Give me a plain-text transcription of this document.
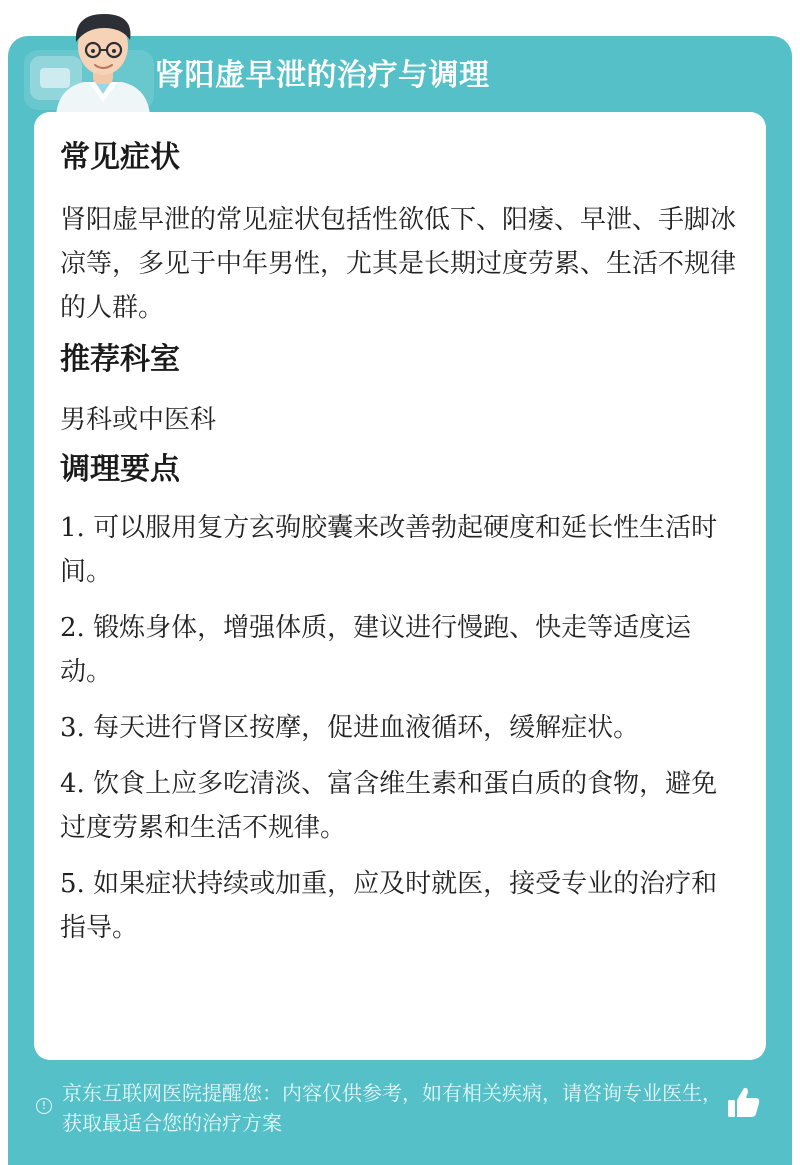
肾阳虚早泄的治疗与调理
常见症状

肾阳虚早泄的常见症状包括性欲低下、阳痿、早泄、手脚冰凉等，多见于中年男性，尤其是长期过度劳累、生活不规律的人群。

推荐科室

男科或中医科

调理要点

1. 可以服用复方玄驹胶囊来改善勃起硬度和延长性生活时间。

2. 锻炼身体，增强体质，建议进行慢跑、快走等适度运动。

3. 每天进行肾区按摩，促进血液循环，缓解症状。

4. 饮食上应多吃清淡、富含维生素和蛋白质的食物，避免过度劳累和生活不规律。

5. 如果症状持续或加重，应及时就医，接受专业的治疗和指导。

!
京东互联网医院提醒您：内容仅供参考，如有相关疾病，请咨询专业医生，获取最适合您的治疗方案
